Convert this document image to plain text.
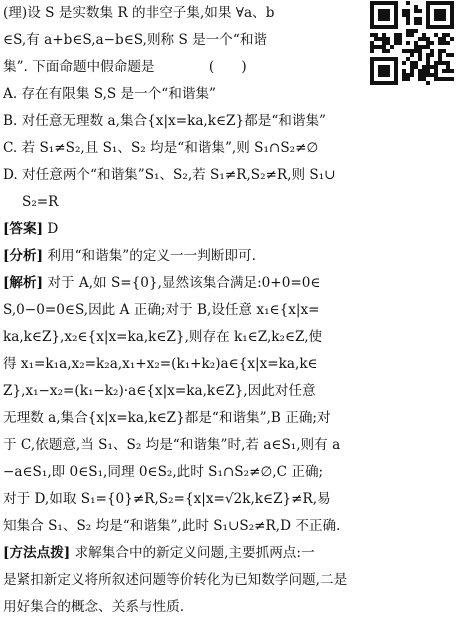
(理)设 S 是实数集 R 的非空子集,如果 ∀a、b
∈S,有 a+b∈S,a−b∈S,则称 S 是一个“和谐
集”. 下面命题中假命题是　　　　(　　)
A. 存在有限集 S,S 是一个“和谐集”
B. 对任意无理数 a,集合{x|x=ka,k∈Z}都是“和谐集”
C. 若 S₁≠S₂,且 S₁、S₂ 均是“和谐集”,则 S₁∩S₂≠∅
D. 对任意两个“和谐集”S₁、S₂,若 S₁≠R,S₂≠R,则 S₁∪
S₂=R
[答案] D
[分析] 利用“和谐集”的定义一一判断即可.
[解析] 对于 A,如 S={0},显然该集合满足:0+0=0∈
S,0−0=0∈S,因此 A 正确;对于 B,设任意 x₁∈{x|x=
ka,k∈Z},x₂∈{x|x=ka,k∈Z},则存在 k₁∈Z,k₂∈Z,使
得 x₁=k₁a,x₂=k₂a,x₁+x₂=(k₁+k₂)a∈{x|x=ka,k∈
Z},x₁−x₂=(k₁−k₂)·a∈{x|x=ka,k∈Z},因此对任意
无理数 a,集合{x|x=ka,k∈Z}都是“和谐集”,B 正确;对
于 C,依题意,当 S₁、S₂ 均是“和谐集”时,若 a∈S₁,则有 a
−a∈S₁,即 0∈S₁,同理 0∈S₂,此时 S₁∩S₂≠∅,C 正确;
对于 D,如取 S₁={0}≠R,S₂={x|x=√2k,k∈Z}≠R,易
知集合 S₁、S₂ 均是“和谐集”,此时 S₁∪S₂≠R,D 不正确.
[方法点拨] 求解集合中的新定义问题,主要抓两点:一
是紧扣新定义将所叙述问题等价转化为已知数学问题,二是
用好集合的概念、关系与性质.
